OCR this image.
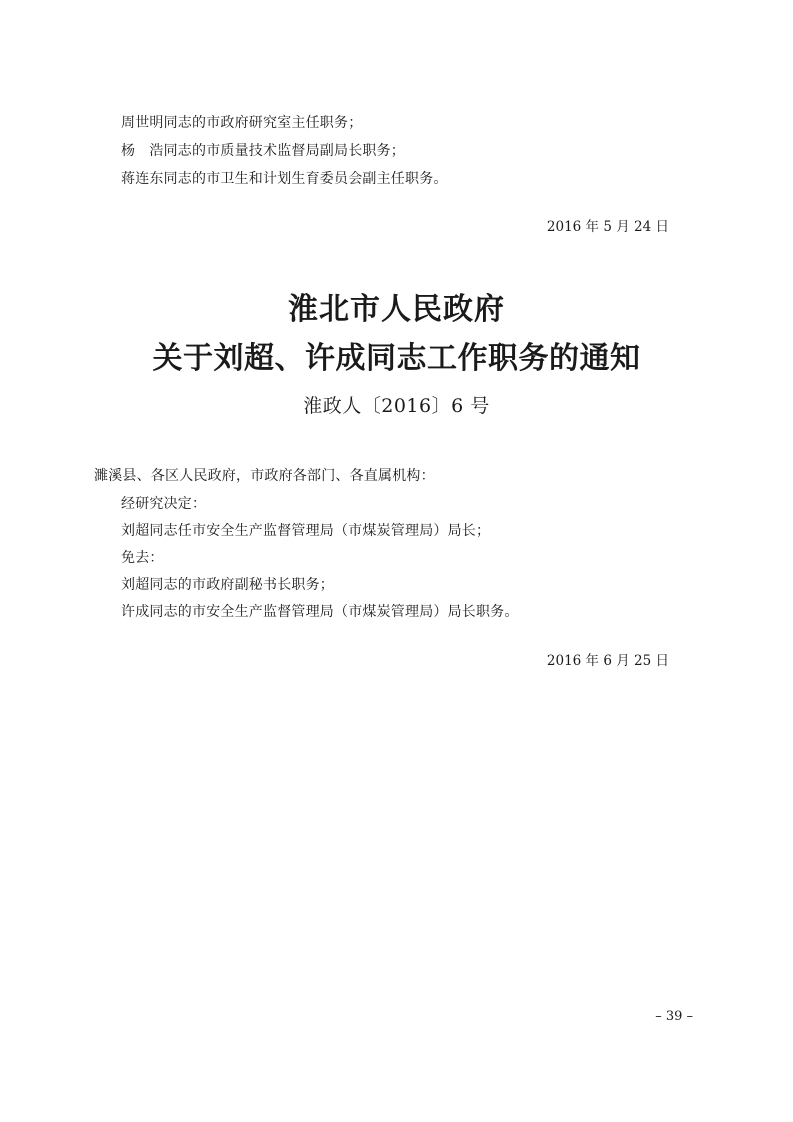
周世明同志的市政府研究室主任职务；
杨　浩同志的市质量技术监督局副局长职务；
蒋连东同志的市卫生和计划生育委员会副主任职务。
2016 年 5 月 24 日
淮北市人民政府
关于刘超、许成同志工作职务的通知
淮政人〔2016〕6 号
濉溪县、各区人民政府，市政府各部门、各直属机构：
经研究决定：
刘超同志任市安全生产监督管理局（市煤炭管理局）局长；
免去：
刘超同志的市政府副秘书长职务；
许成同志的市安全生产监督管理局（市煤炭管理局）局长职务。
2016 年 6 月 25 日
– 39 –
